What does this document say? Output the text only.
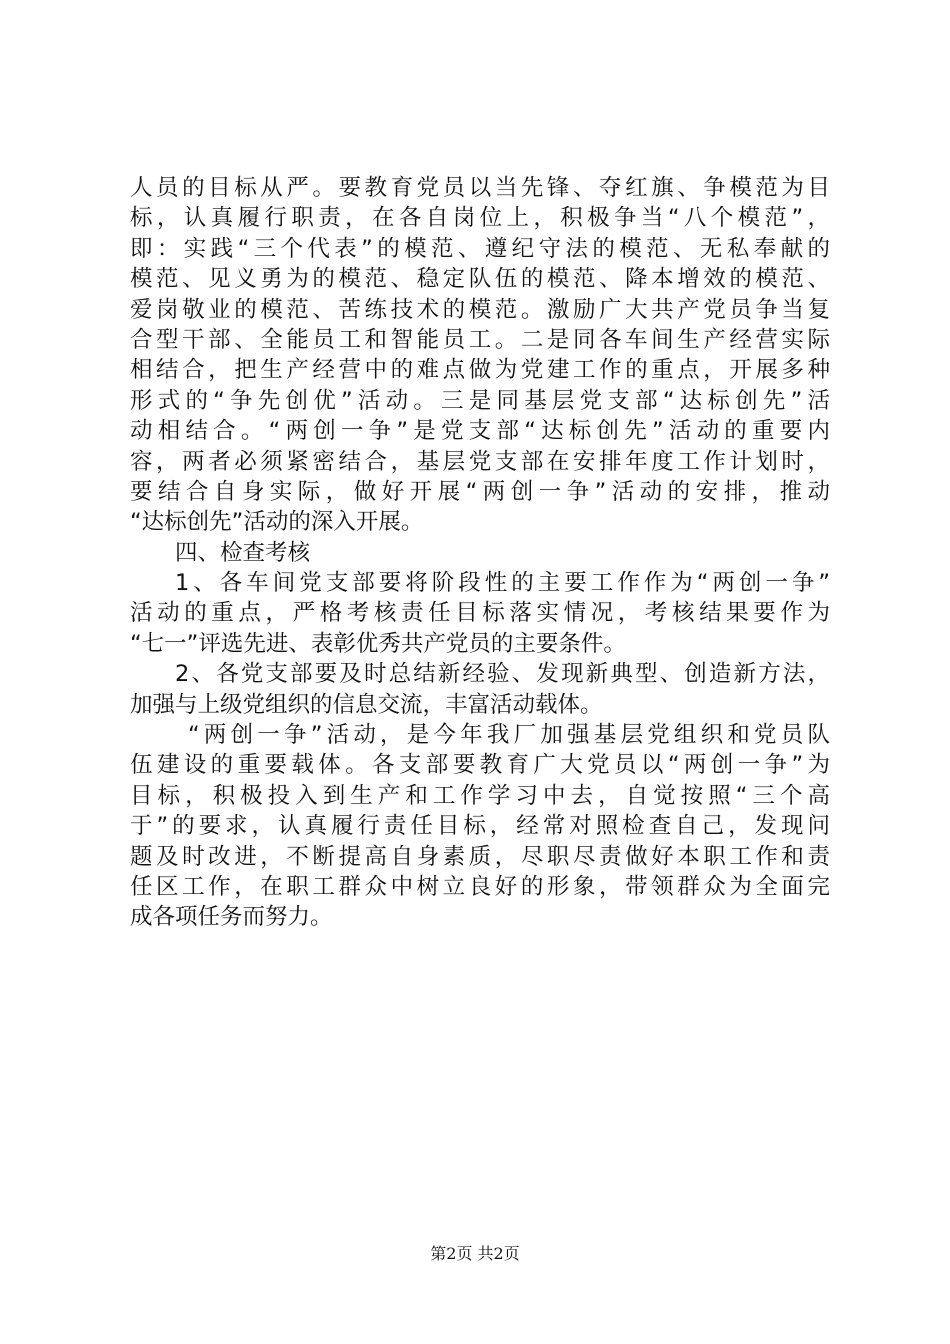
人员的目标从严。要教育党员以当先锋、夺红旗、争模范为目
标，认真履行职责，在各自岗位上，积极争当“八个模范”，
即：实践“三个代表”的模范、遵纪守法的模范、无私奉献的
模范、见义勇为的模范、稳定队伍的模范、降本增效的模范、
爱岗敬业的模范、苦练技术的模范。激励广大共产党员争当复
合型干部、全能员工和智能员工。二是同各车间生产经营实际
相结合，把生产经营中的难点做为党建工作的重点，开展多种
形式的“争先创优”活动。三是同基层党支部“达标创先”活
动相结合。“两创一争”是党支部“达标创先”活动的重要内
容，两者必须紧密结合，基层党支部在安排年度工作计划时，
要结合自身实际，做好开展“两创一争”活动的安排，推动
“达标创先”活动的深入开展。
四、检查考核
1、各车间党支部要将阶段性的主要工作作为“两创一争”
活动的重点，严格考核责任目标落实情况，考核结果要作为
“七一”评选先进、表彰优秀共产党员的主要条件。
2、各党支部要及时总结新经验、发现新典型、创造新方法，
加强与上级党组织的信息交流，丰富活动载体。
“两创一争”活动，是今年我厂加强基层党组织和党员队
伍建设的重要载体。各支部要教育广大党员以“两创一争”为
目标，积极投入到生产和工作学习中去，自觉按照“三个高
于”的要求，认真履行责任目标，经常对照检查自己，发现问
题及时改进，不断提高自身素质，尽职尽责做好本职工作和责
任区工作，在职工群众中树立良好的形象，带领群众为全面完
成各项任务而努力。
第2页 共2页
